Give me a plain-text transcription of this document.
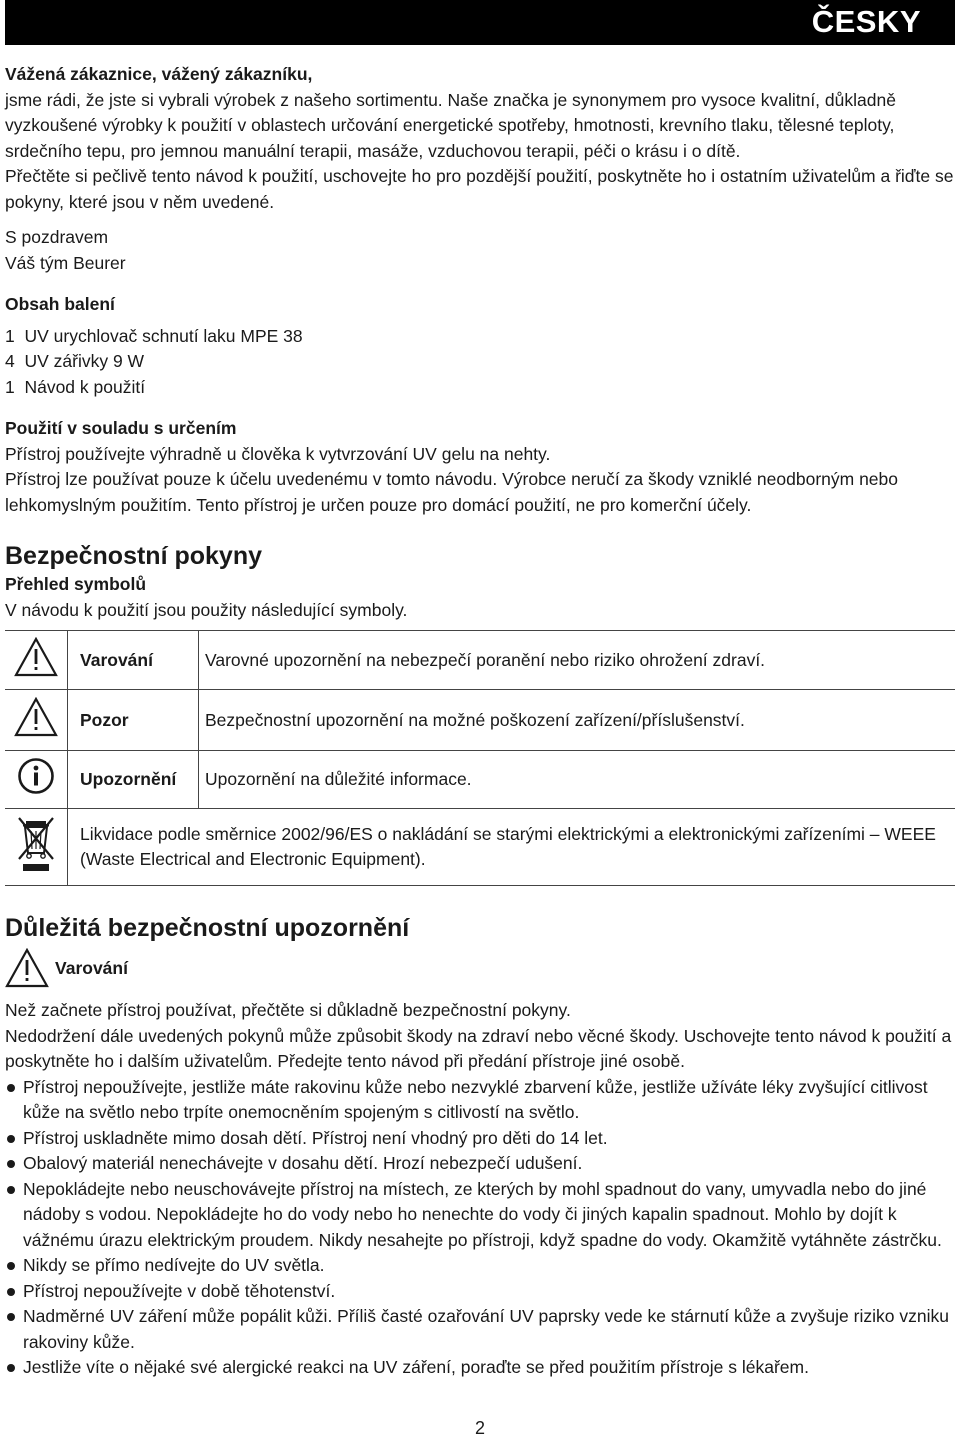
ČESKY

Vážená zákaznice, vážený zákazníku,

jsme rádi, že jste si vybrali výrobek z našeho sortimentu. Naše značka je synonymem pro vysoce kvalitní, důkladně vyzkoušené výrobky k použití v oblastech určování energetické spotřeby, hmotnosti, krevního tlaku, tělesné teploty, srdečního tepu, pro jemnou manuální terapii, masáže, vzduchovou terapii, péči o krásu i o dítě.

Přečtěte si pečlivě tento návod k použití, uschovejte ho pro pozdější použití, poskytněte ho i ostatním uživatelům a řiďte se pokyny, které jsou v něm uvedené.

S pozdravem

Váš tým Beurer

Obsah balení

1  UV urychlovač schnutí laku MPE 38

4  UV zářivky 9 W

1  Návod k použití

Použití v souladu s určením

Přístroj používejte výhradně u člověka k vytvrzování UV gelu na nehty.

Přístroj lze používat pouze k účelu uvedenému v tomto návodu. Výrobce neručí za škody vzniklé neodborným nebo lehkomyslným použitím. Tento přístroj je určen pouze pro domácí použití, ne pro komerční účely.

Bezpečnostní pokyny
Přehled symbolů

V návodu k použití jsou použity následující symboly.

	Varování	Varovné upozornění na nebezpečí poranění nebo riziko ohrožení zdraví.
	Pozor	Bezpečnostní upozornění na možné poškození zařízení/příslušenství.
	Upozornění	Upozornění na důležité informace.
	Likvidace podle směrnice 2002/96/ES o nakládání se starými elektrickými a elektronickými zařízeními – WEEE (Waste Electrical and Electronic Equipment).	
Důležitá bezpečnostní upozornění
Varování

Než začnete přístroj používat, přečtěte si důkladně bezpečnostní pokyny.

Nedodržení dále uvedených pokynů může způsobit škody na zdraví nebo věcné škody. Uschovejte tento návod k použití a poskytněte ho i dalším uživatelům. Předejte tento návod při předání přístroje jiné osobě.

Přístroj nepoužívejte, jestliže máte rakovinu kůže nebo nezvyklé zbarvení kůže, jestliže užíváte léky zvyšující citlivost kůže na světlo nebo trpíte onemocněním spojeným s citlivostí na světlo.
Přístroj uskladněte mimo dosah dětí. Přístroj není vhodný pro děti do 14 let.
Obalový materiál nenechávejte v dosahu dětí. Hrozí nebezpečí udušení.
Nepokládejte nebo neuschovávejte přístroj na místech, ze kterých by mohl spadnout do vany, umyvadla nebo do jiné nádoby s vodou. Nepokládejte ho do vody nebo ho nenechte do vody či jiných kapalin spadnout. Mohlo by dojít k vážnému úrazu elektrickým proudem. Nikdy nesahejte po přístroji, když spadne do vody. Okamžitě vytáhněte zástrčku.
Nikdy se přímo nedívejte do UV světla.
Přístroj nepoužívejte v době těhotenství.
Nadměrné UV záření může popálit kůži. Příliš časté ozařování UV paprsky vede ke stárnutí kůže a zvyšuje riziko vzniku rakoviny kůže.
Jestliže víte o nějaké své alergické reakci na UV záření, poraďte se před použitím přístroje s lékařem.
2
